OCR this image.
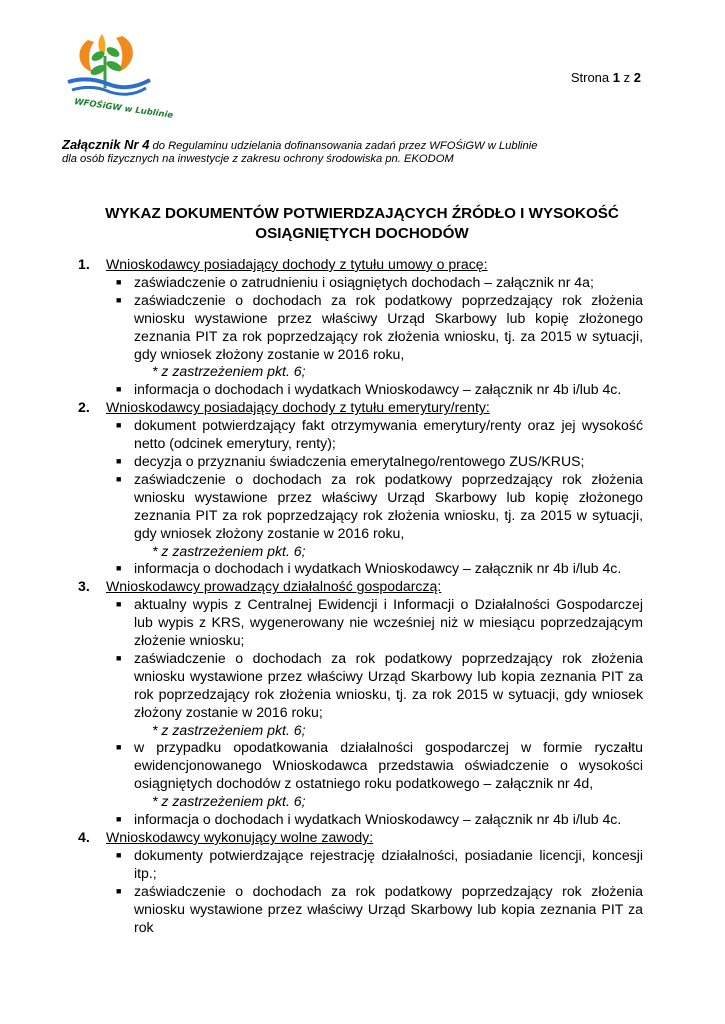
WFOŚiGW w Lublinie
Strona 1 z 2
Załącznik Nr 4 do Regulaminu udzielania dofinansowania zadań przez WFOŚiGW w Lublinie
dla osób fizycznych na inwestycje z zakresu ochrony środowiska pn. EKODOM
WYKAZ DOKUMENTÓW POTWIERDZAJĄCYCH ŹRÓDŁO I WYSOKOŚĆ
OSIĄGNIĘTYCH DOCHODÓW
1.	Wnioskodawcy posiadający dochody z tytułu umowy o pracę:
■ zaświadczenie o zatrudnieniu i osiągniętych dochodach – załącznik nr 4a;
■ zaświadczenie o dochodach za rok podatkowy poprzedzający rok złożenia wniosku wystawione przez właściwy Urząd Skarbowy lub kopię złożonego zeznania PIT za rok poprzedzający rok złożenia wniosku, tj. za 2015 w sytuacji, gdy wniosek złożony zostanie w 2016 roku,
* z zastrzeżeniem pkt. 6;
■ informacja o dochodach i wydatkach Wnioskodawcy – załącznik nr 4b i/lub 4c.
2.	Wnioskodawcy posiadający dochody z tytułu emerytury/renty:
■ dokument potwierdzający fakt otrzymywania emerytury/renty oraz jej wysokość netto (odcinek emerytury, renty);
■ decyzja o przyznaniu świadczenia emerytalnego/rentowego ZUS/KRUS;
■ zaświadczenie o dochodach za rok podatkowy poprzedzający rok złożenia wniosku wystawione przez właściwy Urząd Skarbowy lub kopię złożonego zeznania PIT za rok poprzedzający rok złożenia wniosku, tj. za 2015 w sytuacji, gdy wniosek złożony zostanie w 2016 roku,
* z zastrzeżeniem pkt. 6;
■ informacja o dochodach i wydatkach Wnioskodawcy – załącznik nr 4b i/lub 4c.
3.	Wnioskodawcy prowadzący działalność gospodarczą:
■ aktualny wypis z Centralnej Ewidencji i Informacji o Działalności Gospodarczej lub wypis z KRS, wygenerowany nie wcześniej niż w miesiącu poprzedzającym złożenie wniosku;
■ zaświadczenie o dochodach za rok podatkowy poprzedzający rok złożenia wniosku wystawione przez właściwy Urząd Skarbowy lub kopia zeznania PIT za rok poprzedzający rok złożenia wniosku, tj. za rok 2015 w sytuacji, gdy wniosek złożony zostanie w 2016 roku;
* z zastrzeżeniem pkt. 6;
■ w przypadku opodatkowania działalności gospodarczej w formie ryczałtu ewidencjonowanego Wnioskodawca przedstawia oświadczenie o wysokości osiągniętych dochodów z ostatniego roku podatkowego – załącznik nr 4d,
* z zastrzeżeniem pkt. 6;
■ informacja o dochodach i wydatkach Wnioskodawcy – załącznik nr 4b i/lub 4c.
4.	Wnioskodawcy wykonujący wolne zawody:
■ dokumenty potwierdzające rejestrację działalności, posiadanie licencji, koncesji itp.;
■ zaświadczenie o dochodach za rok podatkowy poprzedzający rok złożenia wniosku wystawione przez właściwy Urząd Skarbowy lub kopia zeznania PIT za rok
